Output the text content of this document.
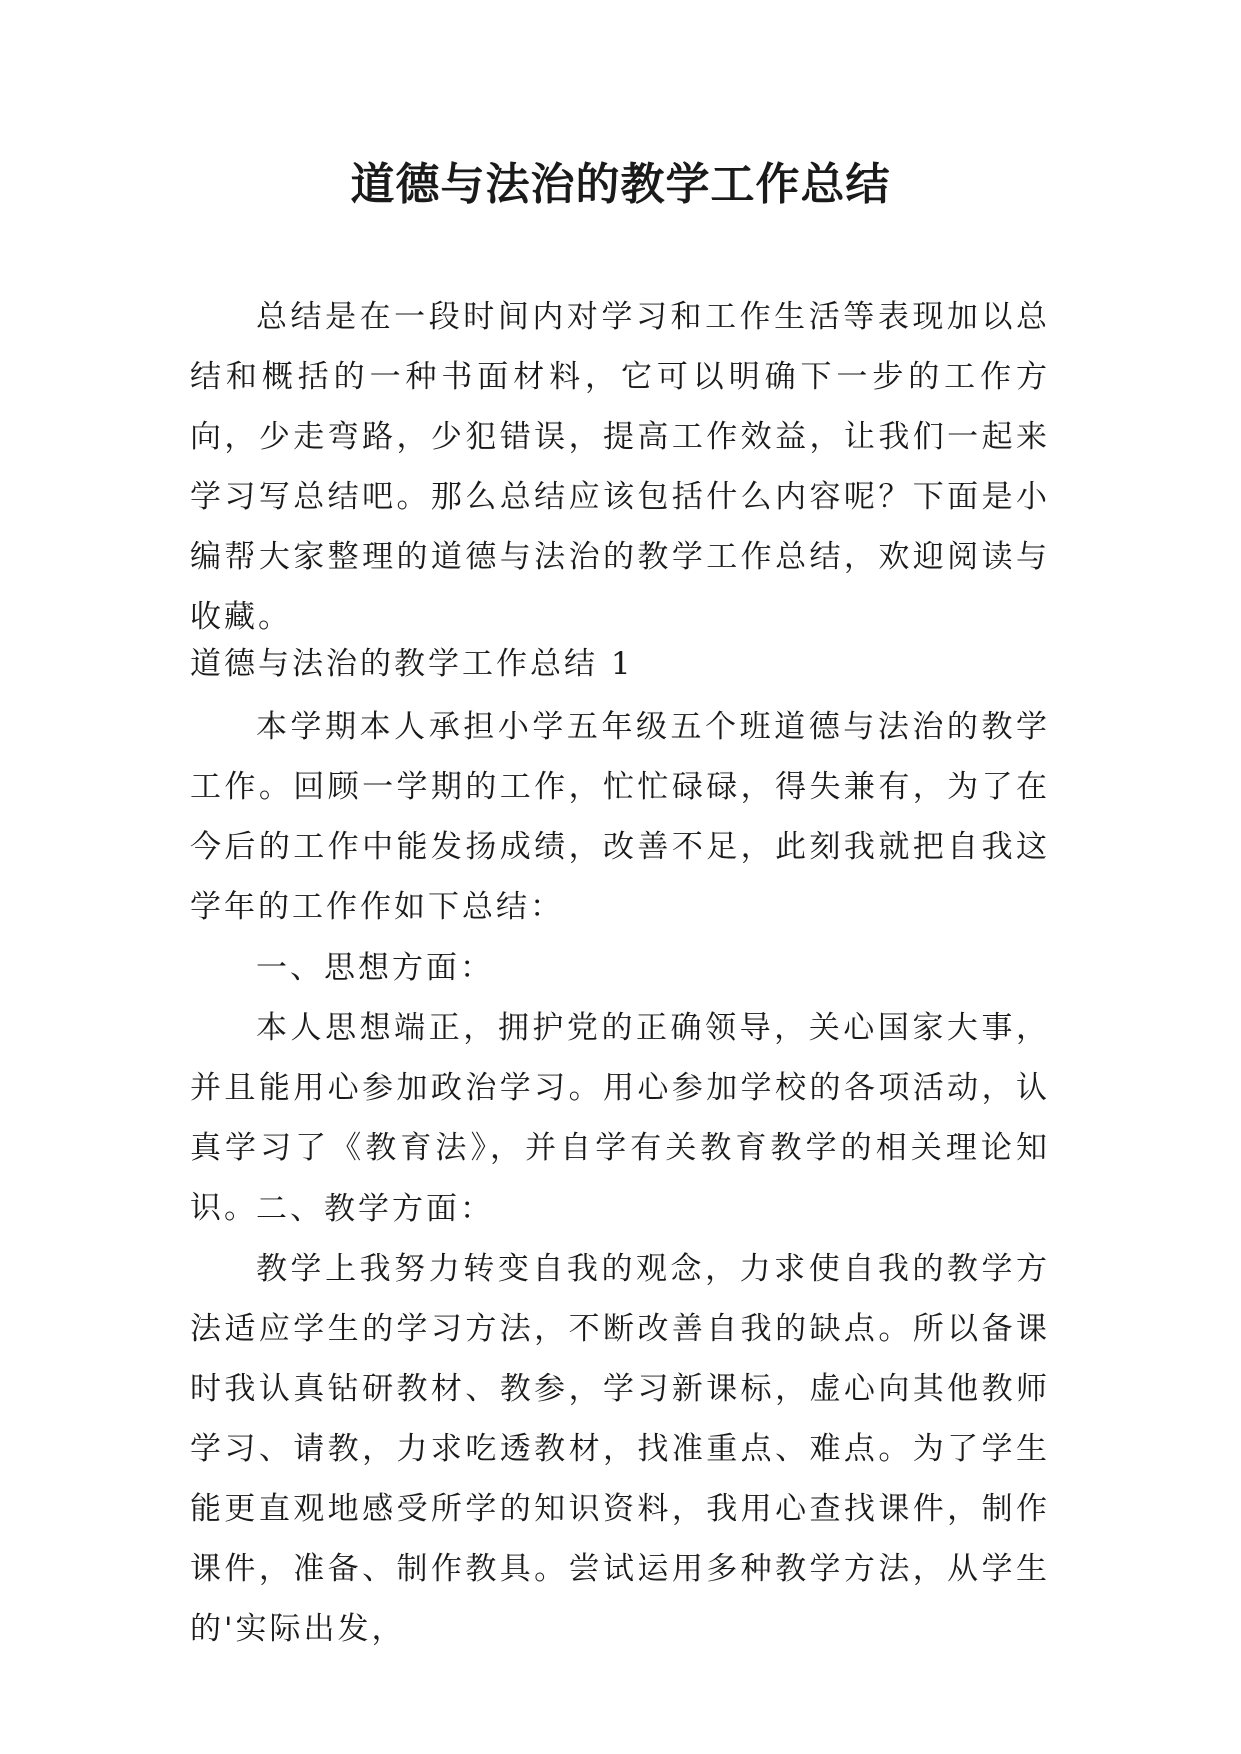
道德与法治的教学工作总结

总结是在一段时间内对学习和工作生活等表现加以总结和概括的一种书面材料，它可以明确下一步的工作方向，少走弯路，少犯错误，提高工作效益，让我们一起来学习写总结吧。那么总结应该包括什么内容呢？下面是小编帮大家整理的道德与法治的教学工作总结，欢迎阅读与收藏。

道德与法治的教学工作总结 1

本学期本人承担小学五年级五个班道德与法治的教学工作。回顾一学期的工作，忙忙碌碌，得失兼有，为了在今后的工作中能发扬成绩，改善不足，此刻我就把自我这学年的工作作如下总结：

一、思想方面：

本人思想端正，拥护党的正确领导，关心国家大事，并且能用心参加政治学习。用心参加学校的各项活动，认真学习了《教育法》，并自学有关教育教学的相关理论知识。

二、教学方面：

教学上我努力转变自我的观念，力求使自我的教学方法适应学生的学习方法，不断改善自我的缺点。所以备课时我认真钻研教材、教参，学习新课标，虚心向其他教师学习、请教，力求吃透教材，找准重点、难点。为了学生能更直观地感受所学的知识资料，我用心查找课件，制作课件，准备、制作教具。尝试运用多种教学方法，从学生的'实际出发，
